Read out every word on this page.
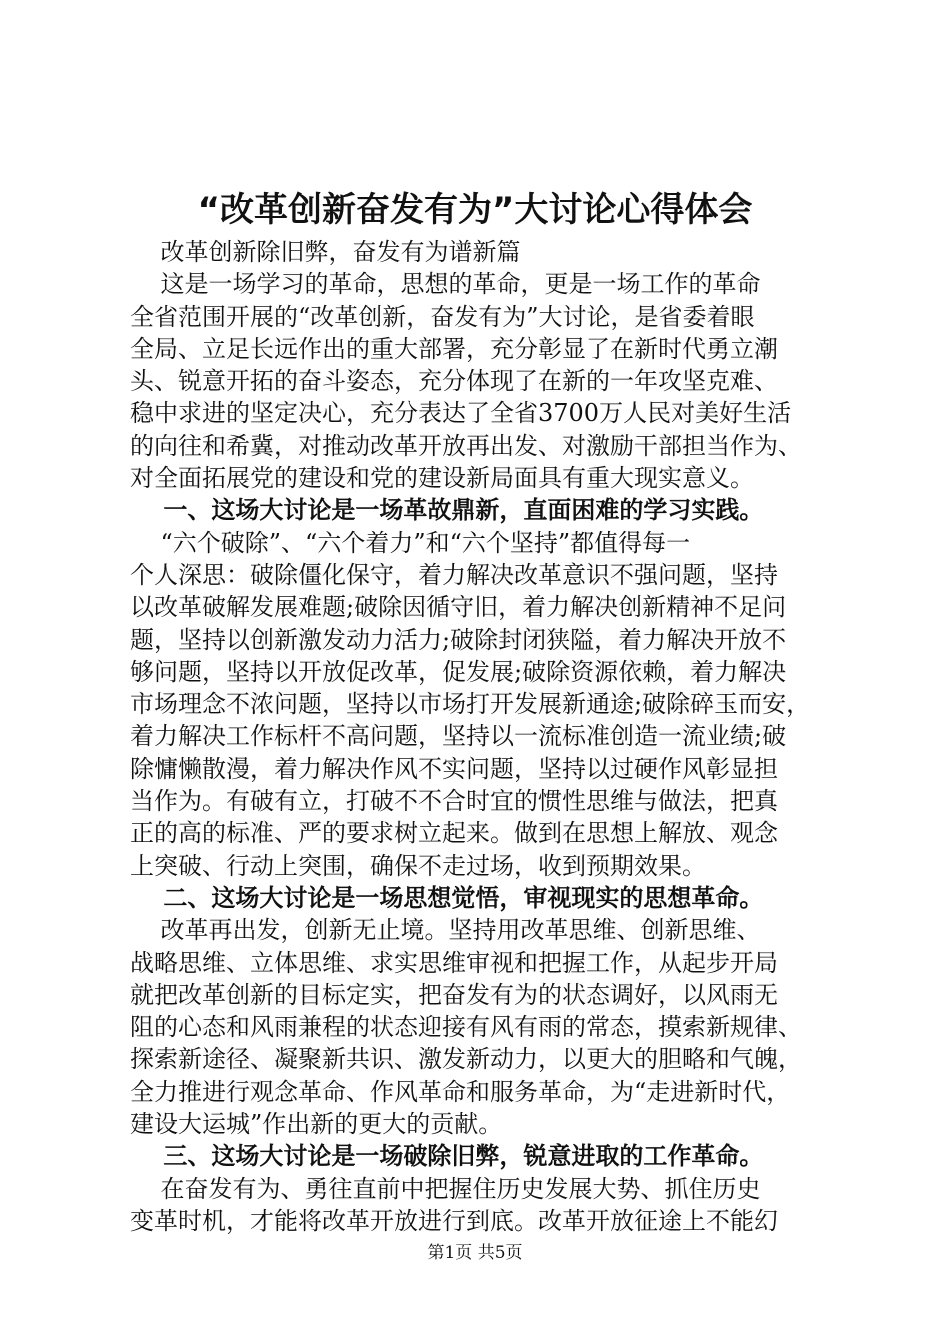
“改革创新奋发有为”大讨论心得体会
改革创新除旧弊，奋发有为谱新篇
这是一场学习的革命，思想的革命，更是一场工作的革命
全省范围开展的“改革创新，奋发有为”大讨论，是省委着眼
全局、立足长远作出的重大部署，充分彰显了在新时代勇立潮
头、锐意开拓的奋斗姿态，充分体现了在新的一年攻坚克难、
稳中求进的坚定决心，充分表达了全省3700万人民对美好生活
的向往和希冀，对推动改革开放再出发、对激励干部担当作为、
对全面拓展党的建设和党的建设新局面具有重大现实意义。
一、这场大讨论是一场革故鼎新，直面困难的学习实践。
“六个破除”、“六个着力”和“六个坚持”都值得每一
个人深思：破除僵化保守，着力解决改革意识不强问题，坚持
以改革破解发展难题;破除因循守旧，着力解决创新精神不足问
题，坚持以创新激发动力活力;破除封闭狭隘，着力解决开放不
够问题，坚持以开放促改革，促发展;破除资源依赖，着力解决
市场理念不浓问题，坚持以市场打开发展新通途;破除碎玉而安，
着力解决工作标杆不高问题，坚持以一流标准创造一流业绩;破
除慵懒散漫，着力解决作风不实问题，坚持以过硬作风彰显担
当作为。有破有立，打破不不合时宜的惯性思维与做法，把真
正的高的标准、严的要求树立起来。做到在思想上解放、观念
上突破、行动上突围，确保不走过场，收到预期效果。
二、这场大讨论是一场思想觉悟，审视现实的思想革命。
改革再出发，创新无止境。坚持用改革思维、创新思维、
战略思维、立体思维、求实思维审视和把握工作，从起步开局
就把改革创新的目标定实，把奋发有为的状态调好，以风雨无
阻的心态和风雨兼程的状态迎接有风有雨的常态，摸索新规律、
探索新途径、凝聚新共识、激发新动力，以更大的胆略和气魄，
全力推进行观念革命、作风革命和服务革命，为“走进新时代，
建设大运城”作出新的更大的贡献。
三、这场大讨论是一场破除旧弊，锐意进取的工作革命。
在奋发有为、勇往直前中把握住历史发展大势、抓住历史
变革时机，才能将改革开放进行到底。改革开放征途上不能幻
第1页 共5页
